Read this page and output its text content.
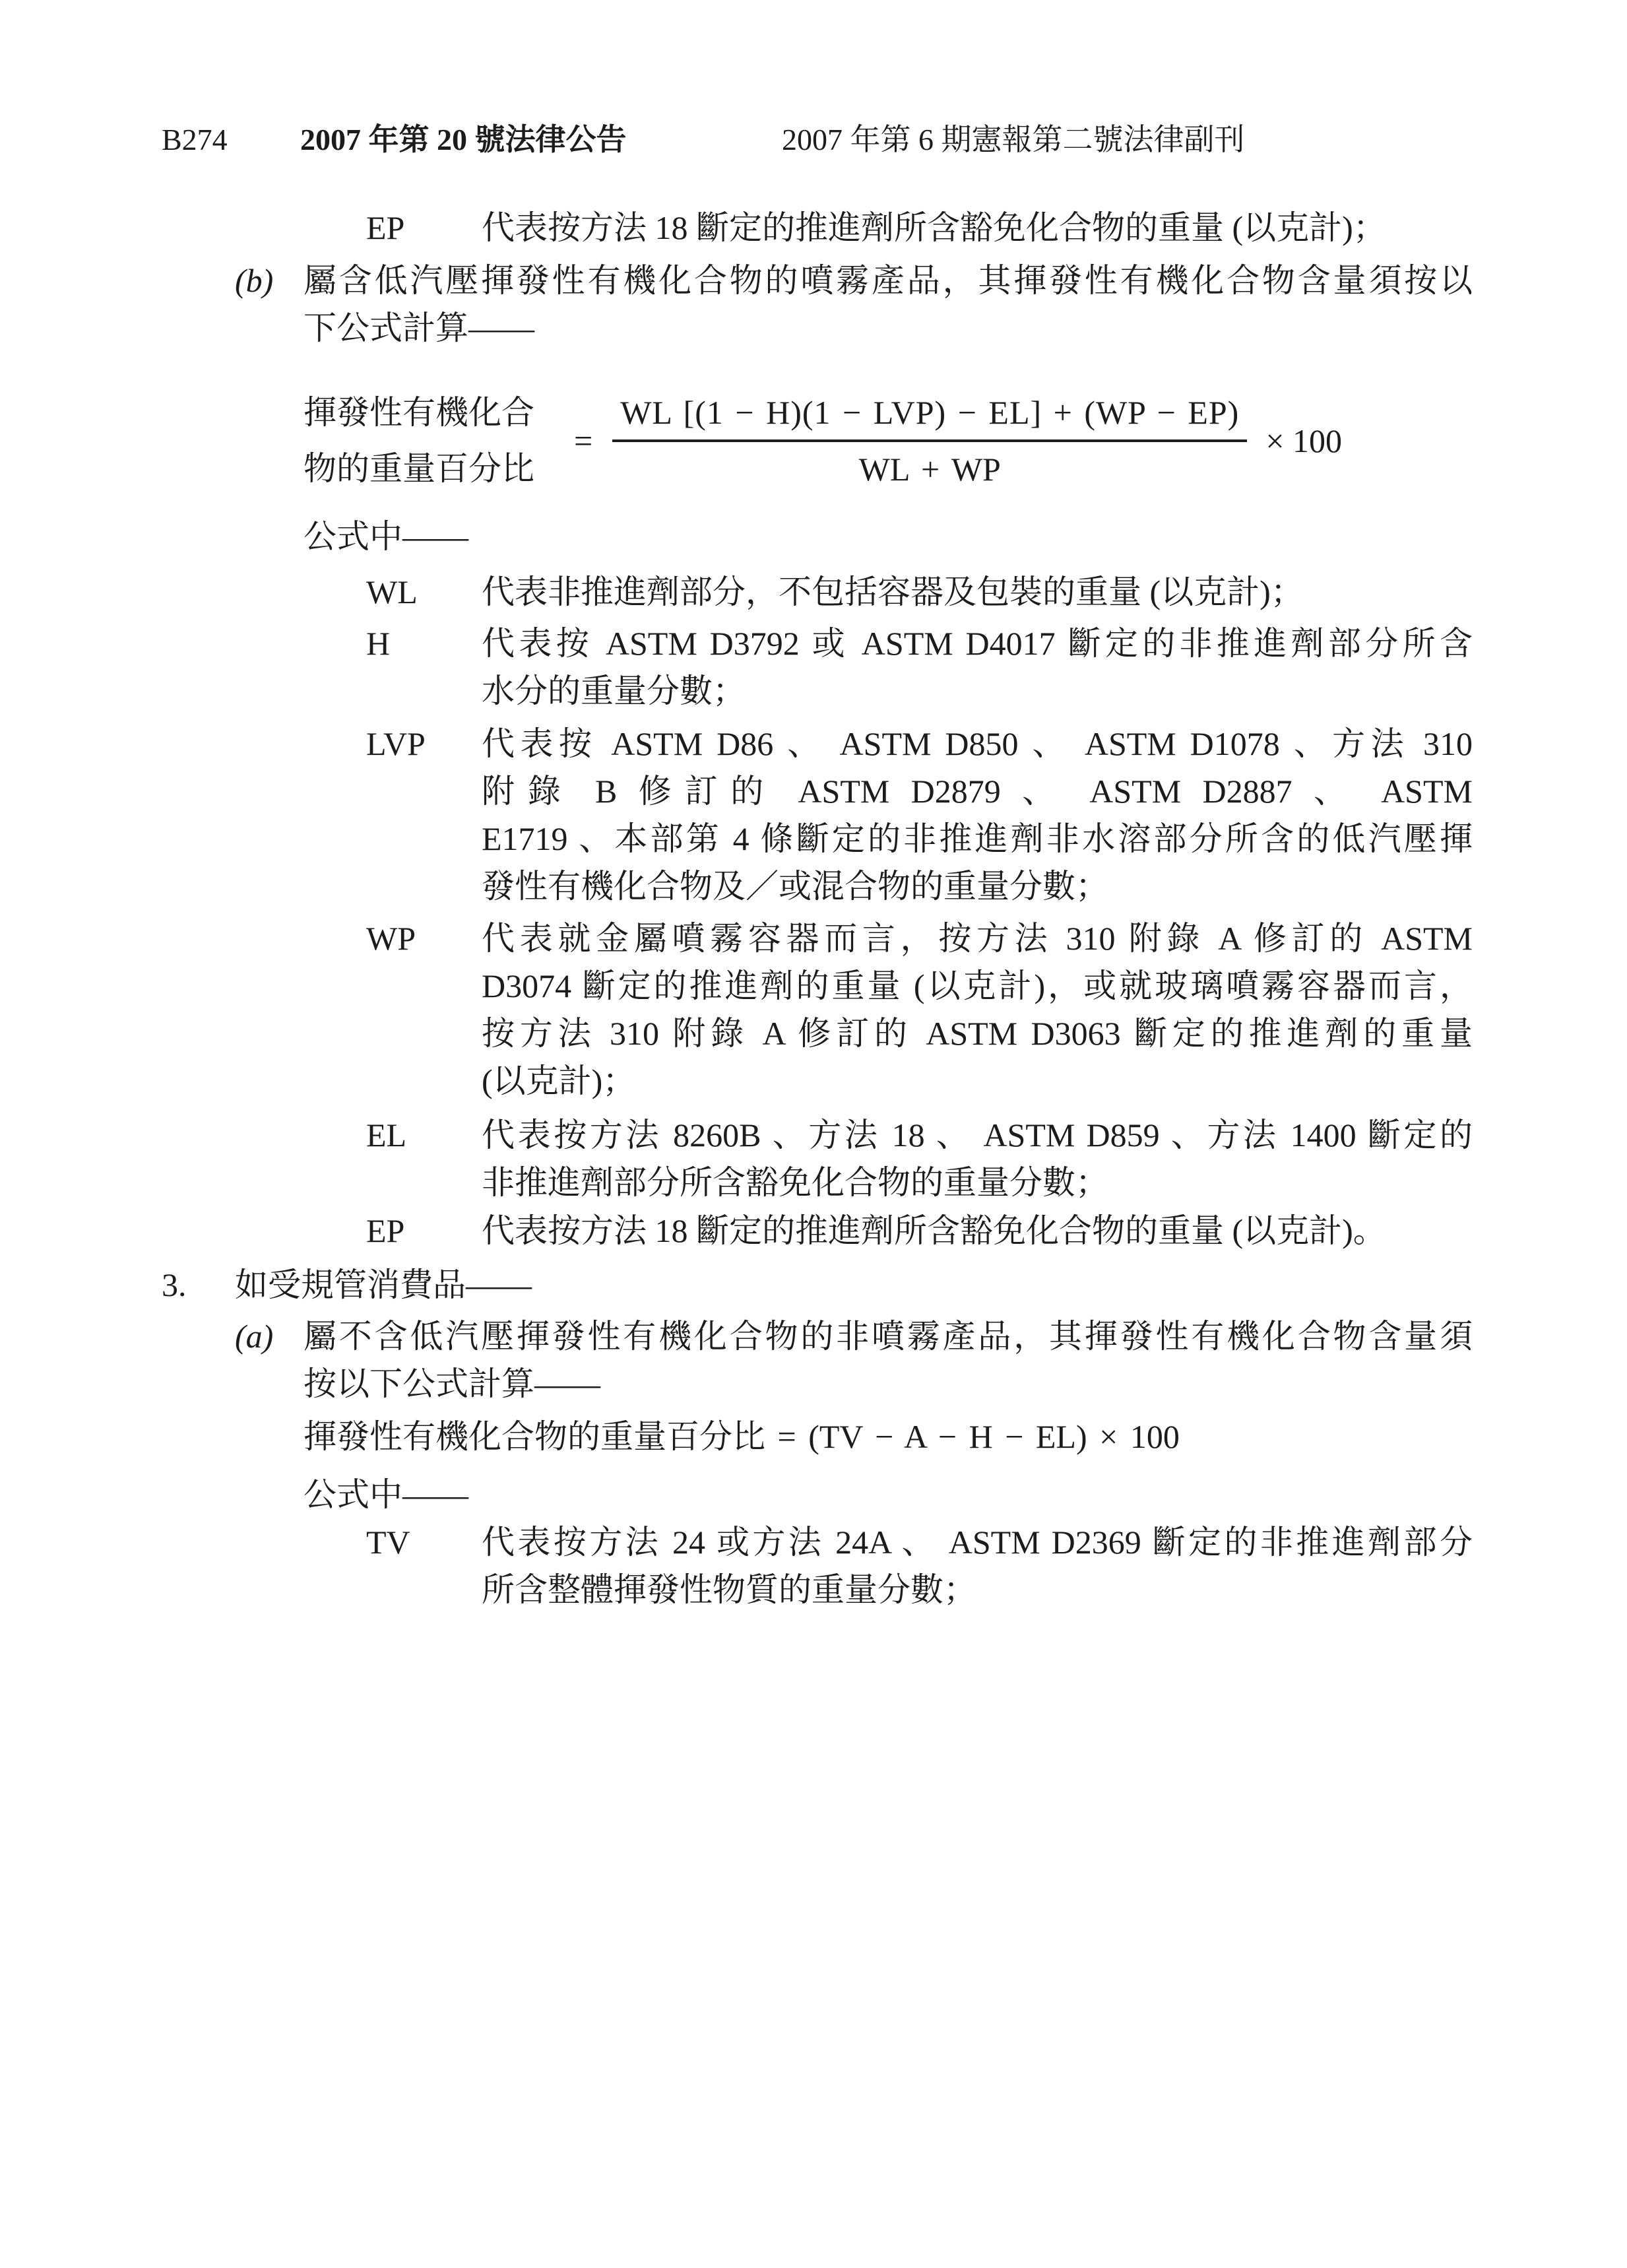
B274 2007 年第 20 號法律公告	2007 年第 6 期憲報第二號法律副刊
EP 代表按方法 18 斷定的推進劑所含豁免化合物的重量 (以克計)；
(b) 屬含低汽壓揮發性有機化合物的噴霧產品，其揮發性有機化合物含量須按以
下公式計算——
揮發性有機化合
物的重量百分比
= $\frac{\text{WL [(1 − H)(1 − LVP) − EL] + (WP − EP)}}{WL + WP} \times 100$
公式中——
WL 代表非推進劑部分，不包括容器及包裝的重量 (以克計)；
H	代表按 ASTM D3792 或 ASTM D4017 斷定的非推進劑部分所含
水分的重量分數；
LVP 代表按 ASTM D86 、 ASTM D850 、 ASTM D1078 、方法 310
附錄 B 修訂的 ASTM D2879 、 ASTM D2887 、 ASTM
E1719 、本部第 4 條斷定的非推進劑非水溶部分所含的低汽壓揮
發性有機化合物及／或混合物的重量分數；
WP 代表就金屬噴霧容器而言，按方法 310 附錄 A 修訂的 ASTM
D3074 斷定的推進劑的重量 (以克計)，或就玻璃噴霧容器而言，
按方法 310 附錄 A 修訂的 ASTM D3063 斷定的推進劑的重量
(以克計)；
EL 代表按方法 8260B 、方法 18 、 ASTM D859 、方法 1400 斷定的
非推進劑部分所含豁免化合物的重量分數；
EP 代表按方法 18 斷定的推進劑所含豁免化合物的重量 (以克計)。
3. 如受規管消費品——
(a) 屬不含低汽壓揮發性有機化合物的非噴霧產品，其揮發性有機化合物含量須
按以下公式計算——
揮發性有機化合物的重量百分比 = (TV − A − H − EL) × 100
公式中——
TV 代表按方法 24 或方法 24A 、 ASTM D2369 斷定的非推進劑部分
所含整體揮發性物質的重量分數；
